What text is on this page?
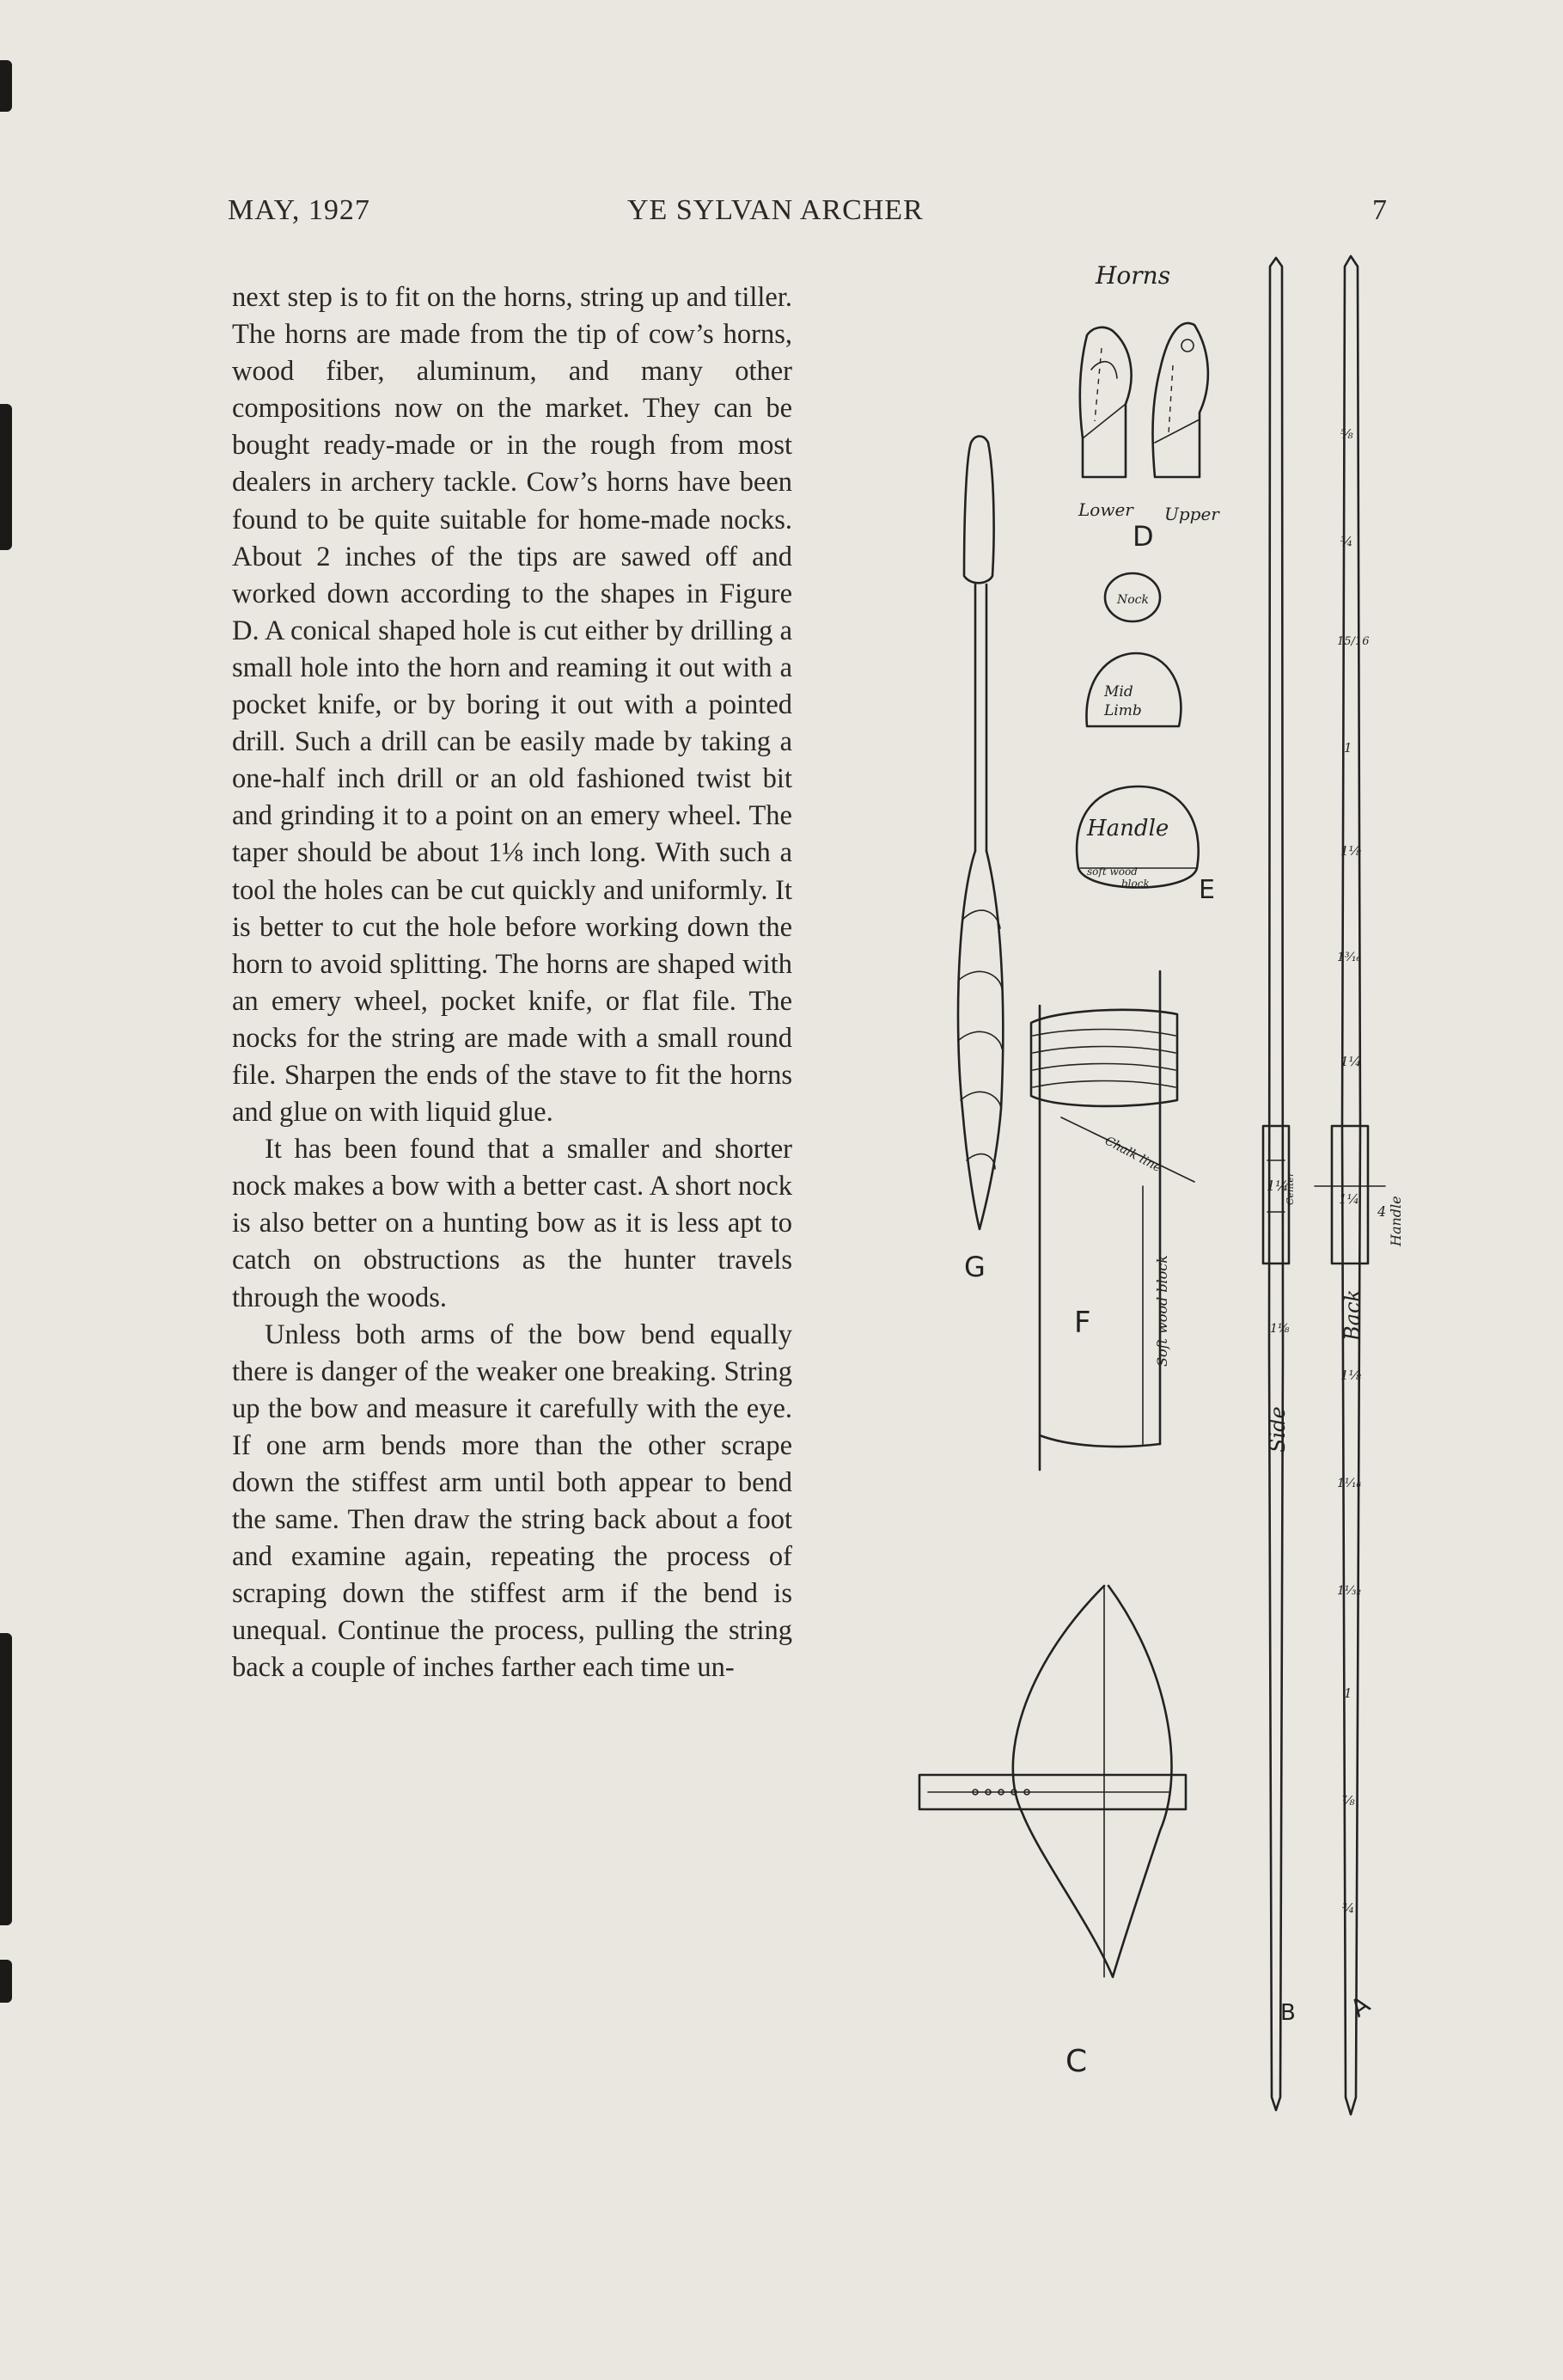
MAY, 1927	YE SYLVAN ARCHER	7

next step is to fit on the horns, string up and tiller. The horns are made from the tip of cow’s horns, wood fiber, aluminum, and many other compositions now on the market. They can be bought ready-made or in the rough from most dealers in archery tackle. Cow’s horns have been found to be quite suitable for home-made nocks. About 2 inches of the tips are sawed off and worked down according to the shapes in Figure D. A conical shaped hole is cut either by drilling a small hole into the horn and reaming it out with a pocket knife, or by boring it out with a pointed drill. Such a drill can be easily made by taking a one-half inch drill or an old fashioned twist bit and grinding it to a point on an emery wheel. The taper should be about 1⅛ inch long. With such a tool the holes can be cut quickly and uniformly. It is better to cut the hole before working down the horn to avoid splitting. The horns are shaped with an emery wheel, pocket knife, or flat file. The nocks for the string are made with a small round file. Sharpen the ends of the stave to fit the horns and glue on with liquid glue.

It has been found that a smaller and shorter nock makes a bow with a better cast. A short nock is also better on a hunting bow as it is less apt to catch on obstructions as the hunter travels through the woods.

Unless both arms of the bow bend equally there is danger of the weaker one breaking. String up the bow and measure it carefully with the eye. If one arm bends more than the other scrape down the stiffest arm until both appear to bend the same. Then draw the string back about a foot and examine again, repeating the process of scraping down the stiffest arm if the bend is unequal. Continue the process, pulling the string back a couple of inches farther each time un-

Horns
Lower Upper
D
Nock
Mid
Limb
soft wood
block
Handle
E
Chalk line
Soft wood block
F
G
C
Side
1¼
1⅛
B
Back
Handle
4
Center
⅝
¾
15/16
1
1⅛
1³⁄₁₆
1¼
1¼
1⅛
1¹⁄₁₆
1¹⁄₃₂
1
⅞
¾
A
